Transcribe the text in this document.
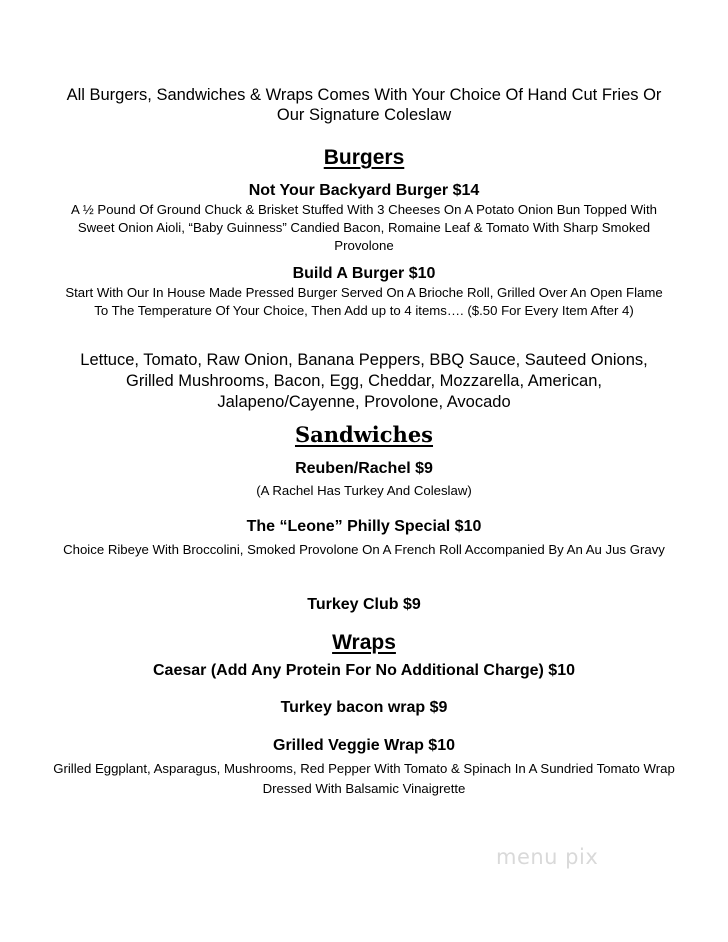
All Burgers, Sandwiches & Wraps Comes With Your Choice Of Hand Cut Fries Or Our Signature Coleslaw
Burgers
Not Your Backyard Burger $14
A ½ Pound Of Ground Chuck & Brisket Stuffed With 3 Cheeses On A Potato Onion Bun Topped With Sweet Onion Aioli, “Baby Guinness” Candied Bacon, Romaine Leaf & Tomato With Sharp Smoked Provolone
Build A Burger $10
Start With Our In House Made Pressed Burger Served On A Brioche Roll, Grilled Over An Open Flame To The Temperature Of Your Choice, Then Add up to 4 items…. ($.50 For Every Item After 4)
Lettuce, Tomato, Raw Onion, Banana Peppers, BBQ Sauce, Sauteed Onions, Grilled Mushrooms, Bacon, Egg, Cheddar, Mozzarella, American, Jalapeno/Cayenne, Provolone, Avocado
Sandwiches
Reuben/Rachel $9
(A Rachel Has Turkey And Coleslaw)
The “Leone” Philly Special $10
Choice Ribeye With Broccolini, Smoked Provolone On A French Roll Accompanied By An Au Jus Gravy
Turkey Club $9
Wraps
Caesar (Add Any Protein For No Additional Charge) $10
Turkey bacon wrap $9
Grilled Veggie Wrap $10
Grilled Eggplant, Asparagus, Mushrooms, Red Pepper With Tomato & Spinach In A Sundried Tomato Wrap Dressed With Balsamic Vinaigrette
menu pix
